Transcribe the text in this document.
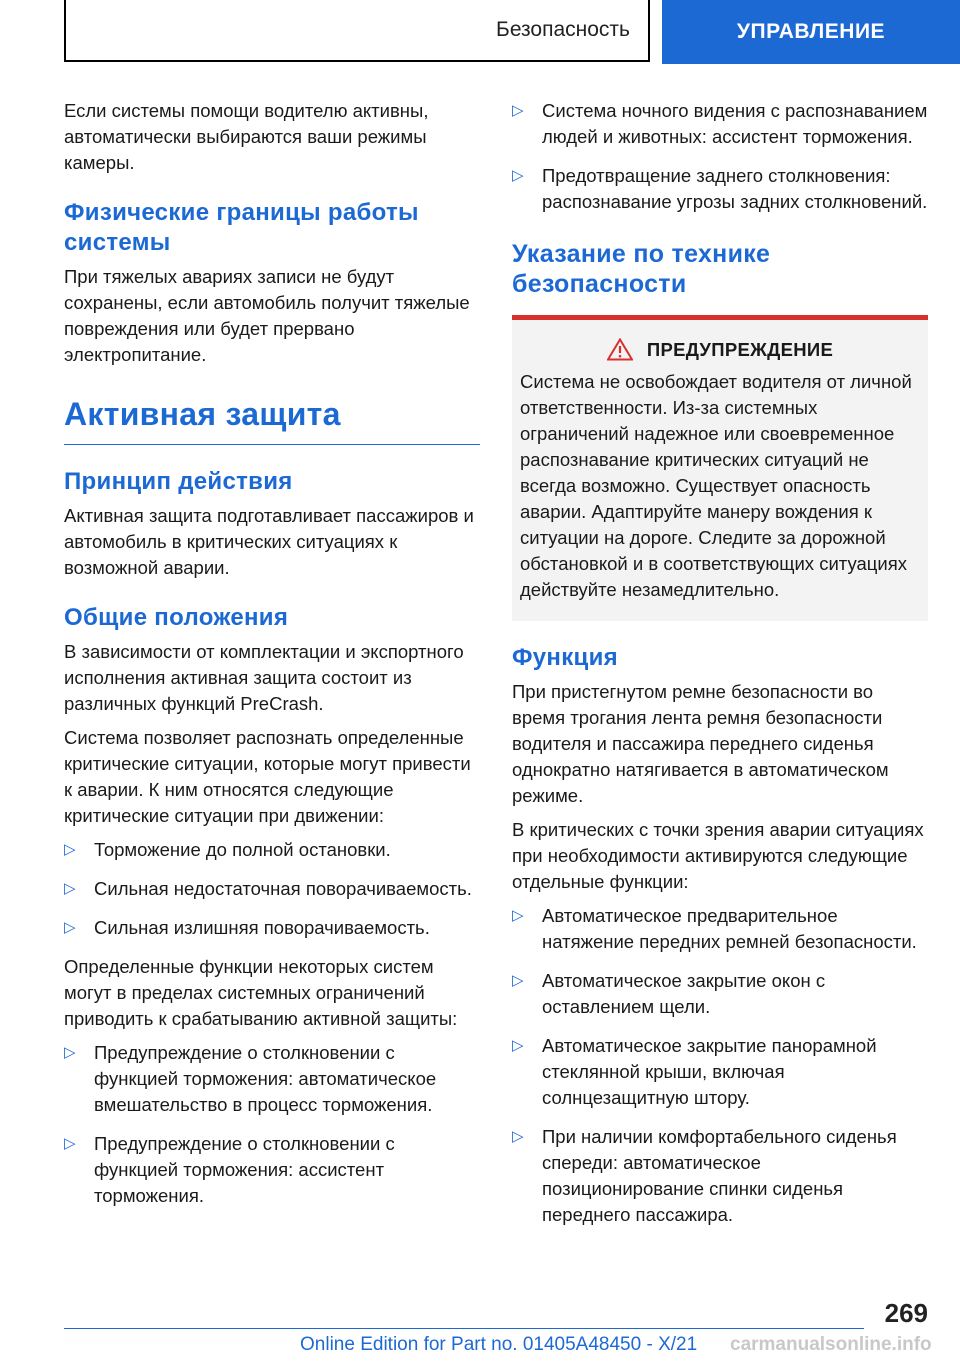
Безопасность	УПРАВЛЕНИЕ

Если системы помощи водителю активны, автоматически выбираются ваши режимы камеры.

Физические границы работы системы

При тяжелых авариях записи не будут сохранены, если автомобиль получит тяжелые повреждения или будет прервано электропитание.

Активная защита
Принцип действия

Активная защита подготавливает пассажиров и автомобиль в критических ситуациях к возможной аварии.

Общие положения

В зависимости от комплектации и экспортного исполнения активная защита состоит из различных функций PreCrash.

Система позволяет распознать определенные критические ситуации, которые могут привести к аварии. К ним относятся следующие критические ситуации при движении:

▷ Торможение до полной остановки.
▷ Сильная недостаточная поворачиваемость.
▷ Сильная излишняя поворачиваемость.

Определенные функции некоторых систем могут в пределах системных ограничений приводить к срабатыванию активной защиты:

▷ Предупреждение о столкновении с функцией торможения: автоматическое вмешательство в процесс торможения.
▷ Предупреждение о столкновении с функцией торможения: ассистент торможения.
▷ Система ночного видения с распознаванием людей и животных: ассистент торможения.
▷ Предотвращение заднего столкновения: распознавание угрозы задних столкновений.
Указание по технике безопасности
ПРЕДУПРЕЖДЕНИЕ

Система не освобождает водителя от личной ответственности. Из-за системных ограничений надежное или своевременное распознавание критических ситуаций не всегда возможно. Существует опасность аварии. Адаптируйте манеру вождения к ситуации на дороге. Следите за дорожной обстановкой и в соответствующих ситуациях действуйте незамедлительно.

Функция

При пристегнутом ремне безопасности во время трогания лента ремня безопасности водителя и пассажира переднего сиденья однократно натягивается в автоматическом режиме.

В критических с точки зрения аварии ситуациях при необходимости активируются следующие отдельные функции:

▷ Автоматическое предварительное натяжение передних ремней безопасности.
▷ Автоматическое закрытие окон с оставлением щели.
▷ Автоматическое закрытие панорамной стеклянной крыши, включая солнцезащитную штору.
▷ При наличии комфортабельного сиденья спереди: автоматическое позиционирование спинки сиденья переднего пассажира.
269
Online Edition for Part no. 01405A48450 - X/21 carmanualsonline.info
